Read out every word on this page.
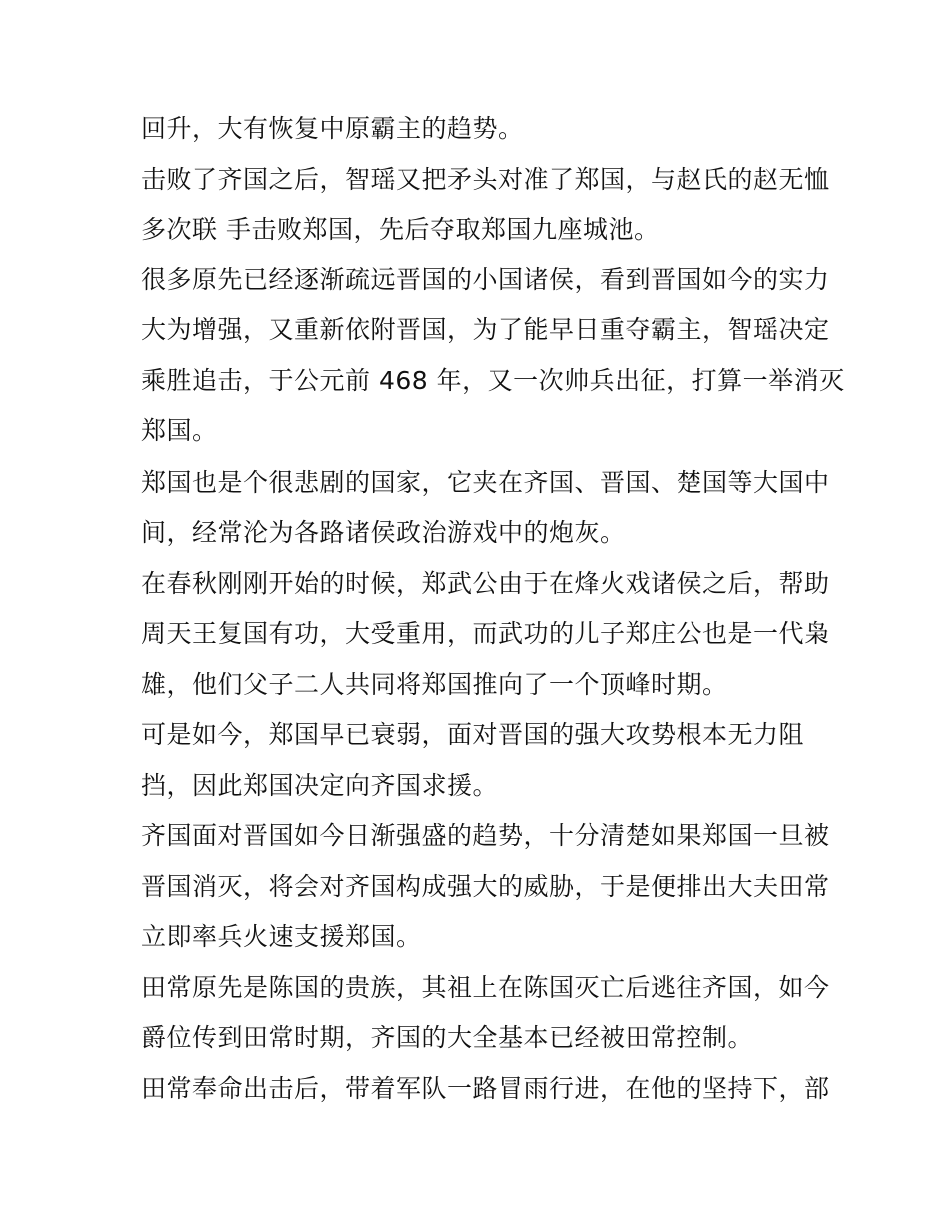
回升，大有恢复中原霸主的趋势。
击败了齐国之后，智瑶又把矛头对准了郑国，与赵氏的赵无恤
多次联 手击败郑国，先后夺取郑国九座城池。
很多原先已经逐渐疏远晋国的小国诸侯，看到晋国如今的实力
大为增强，又重新依附晋国，为了能早日重夺霸主，智瑶决定
乘胜追击，于公元前 468 年，又一次帅兵出征，打算一举消灭
郑国。
郑国也是个很悲剧的国家，它夹在齐国、晋国、楚国等大国中
间，经常沦为各路诸侯政治游戏中的炮灰。
在春秋刚刚开始的时候，郑武公由于在烽火戏诸侯之后，帮助
周天王复国有功，大受重用，而武功的儿子郑庄公也是一代枭
雄，他们父子二人共同将郑国推向了一个顶峰时期。
可是如今，郑国早已衰弱，面对晋国的强大攻势根本无力阻
挡，因此郑国决定向齐国求援。
齐国面对晋国如今日渐强盛的趋势，十分清楚如果郑国一旦被
晋国消灭，将会对齐国构成强大的威胁，于是便排出大夫田常
立即率兵火速支援郑国。
田常原先是陈国的贵族，其祖上在陈国灭亡后逃往齐国，如今
爵位传到田常时期，齐国的大全基本已经被田常控制。
田常奉命出击后，带着军队一路冒雨行进，在他的坚持下，部
